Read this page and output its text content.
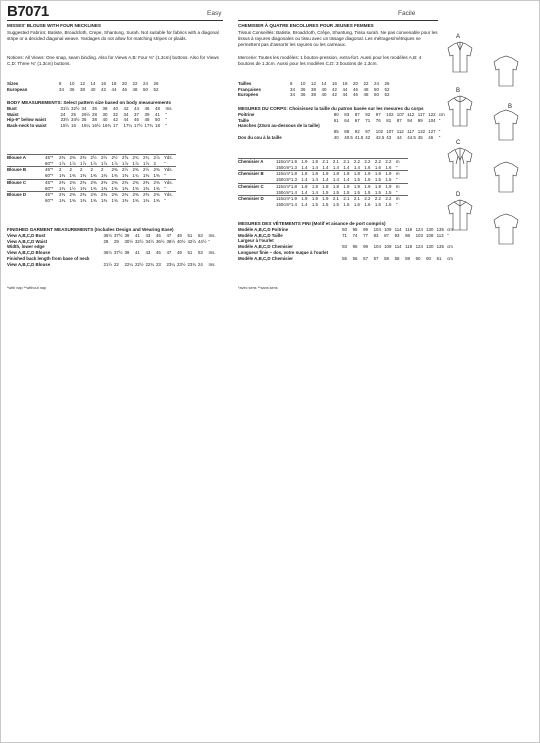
B7071	Easy	Facile
MISSES' BLOUSE WITH FOUR NECKLINES
Suggested Fabrics: Batiste, Broadcloth, Crepe, Shantung, Surah. Not suitable for fabrics with a diagonal stripe or a decided diagonal weave. Yardages do not allow for matching stripes or plaids.
Notions: All Views: One snap, seam binding. Also for Views A,B: Four ⅜" (1.3cm) buttons. Also for Views C,D: Three ⅜" (1.3cm) buttons.
Sizes		8	10	12	14	16	18	20	22	24	26	
European		34	36	38	40	42	44	46	48	50	52	
BODY MEASUREMENTS: Select pattern size based on body measurements
Bust		31½	32½	34	36	38	40	42	44	46	48	Ins.
Waist		24	25	26½	28	30	32	34	37	39	41	"
Hip-9" below waist		33½	34½	36	38	40	42	44	46	48	50	"
Back-neck to waist		15½	16	16¼	16½	16¾	17	17¼	17½	17¾	18	"
Blouse A	45"*	2⅜	2⅜	2⅜	2½	2½	2½	2⅝	2¾	2¾	2⅞	Yds.
	60"*	1⅞	1⅞	1⅞	1⅞	1⅞	1⅞	1⅞	1⅞	1⅞	2	"
Blouse B	45"*	2	2	2	2	2	2⅜	2½	2⅜	2½	2⅜	Yds.
	60"*	1⅜	1⅜	1⅜	1⅜	1⅜	1⅜	1⅜	1¾	1⅜	1⅜	"
Blouse C	45"*	2⅜	2⅜	2⅜	2⅜	2⅜	2⅜	2⅜	2⅜	2⅜	2⅜	Yds.
	60"*	1⅜	1½	1⅜	1⅜	1⅜	1⅜	1⅜	1⅜	1⅜	1⅜	"
Blouse D	45"*	2⅜	2⅜	2⅜	2⅜	2⅜	2⅜	2⅜	2⅜	2⅜	2⅜	Yds.
	60"*	1⅜	1⅜	1⅜	1⅜	1⅜	1⅜	1⅜	1⅜	1⅜	1⅜	"
FINISHED GARMENT MEASUREMENTS (Includes Design and Wearing Ease)
View A,B,C,D Bust		36½	37½	39	41	43	45	47	49	51	53	Ins.
View A,B,C,D Waist		28	29	30½	32½	34½	36½	38½	40½	42½	44½	"
Width, lower edge												
View A,B,C,D Blouse		36½	37½	39	41	43	45	47	49	51	53	Ins.
Finished back length from base of neck												
View A,B,C,D Blouse		21½	22	22¼	22½	22¾	23	23¼	23½	23¾	24	Ins.
*with nap **without nap
CHEMISIER À QUATRE ENCOLURES POUR JEUNES FEMMES
Tissus Conseillés: Batiste, Broadcloth, Crêpe, Shantung, Tissu surah. Ne pas convenable pour les tissus à rayures diagonales ou tissu avec un tissage diagonal. Les métrages/métriques ne permettent pas d'assortir les rayures ou les carreaux.
Mercerie: Toutes les modèles: 1 bouton-pression, extra-fort. Aussi pour les modèles A,B: 4 boutons de 1.3cm. Aussi pour les modèles C,D: 3 boutons de 1.3cm.
Tailles		8	10	12	14	16	18	20	22	24	26	
Françaises		34	36	38	40	42	44	46	48	50	52	
Européen		34	36	38	40	42	44	46	48	50	52	
MESURES DU CORPS: Choisissez la taille du patron basée sur les mesures du corps
Poitrine		80	83	87	92	97	102	107	112	117	122	cm
Taille		61	64	67	71	76	81	87	94	99	104	"
Hanches (23cm au-dessous de la taille)												
		85	88	92	97	102	107	112	117	122	127	"
Dos du cou à la taille		40	40.5	41.5	42	42.5	43	44	44.5	45	46	"
Chemisier A	115cm*	1.9	1.9	1.9	2.1	2.1	2.1	2.2	2.2	2.2	2.2	m
	150cm*	1.3	1.4	1.4	1.4	1.4	1.4	1.4	1.6	1.6	1.6	"
Chemisier B	115cm*	1.8	1.8	1.8	1.8	1.8	1.8	1.8	1.9	1.9	1.9	m
	150cm*	1.3	1.4	1.4	1.4	1.4	1.4	1.5	1.5	1.5	1.5	"
Chemisier C	115cm*	1.8	1.8	1.8	1.8	1.8	1.9	1.9	1.9	1.9	1.9	m
	150cm*	1.4	1.4	1.4	1.5	1.5	1.5	1.5	1.5	1.5	1.5	"
Chemisier D	115cm*	1.9	1.9	1.9	1.9	2.1	2.1	2.1	2.2	2.2	2.2	m
	150cm*	1.4	1.4	1.5	1.5	1.5	1.5	1.6	1.6	1.6	1.6	"
MESURES DES VÊTEMENTS FINI (Motif et aisance de port compris)
Modèle A,B,C,D Poitrine		93	95	99	104	109	114	119	124	130	135	cm
Modèle A,B,C,D Taille		71	74	77	83	87	93	98	103	108	113	"
Largeur à l'ourlet												
Modèle A,B,C,D Chemisier		93	95	99	104	109	114	119	124	130	135	cm
Longueur finie – dos, votre nuque à l'ourlet												
Modèle A,B,C,D Chemisier		55	56	57	57	58	58	59	60	60	61	cm
*avec sens **sans sens
A
B
B
C
D
